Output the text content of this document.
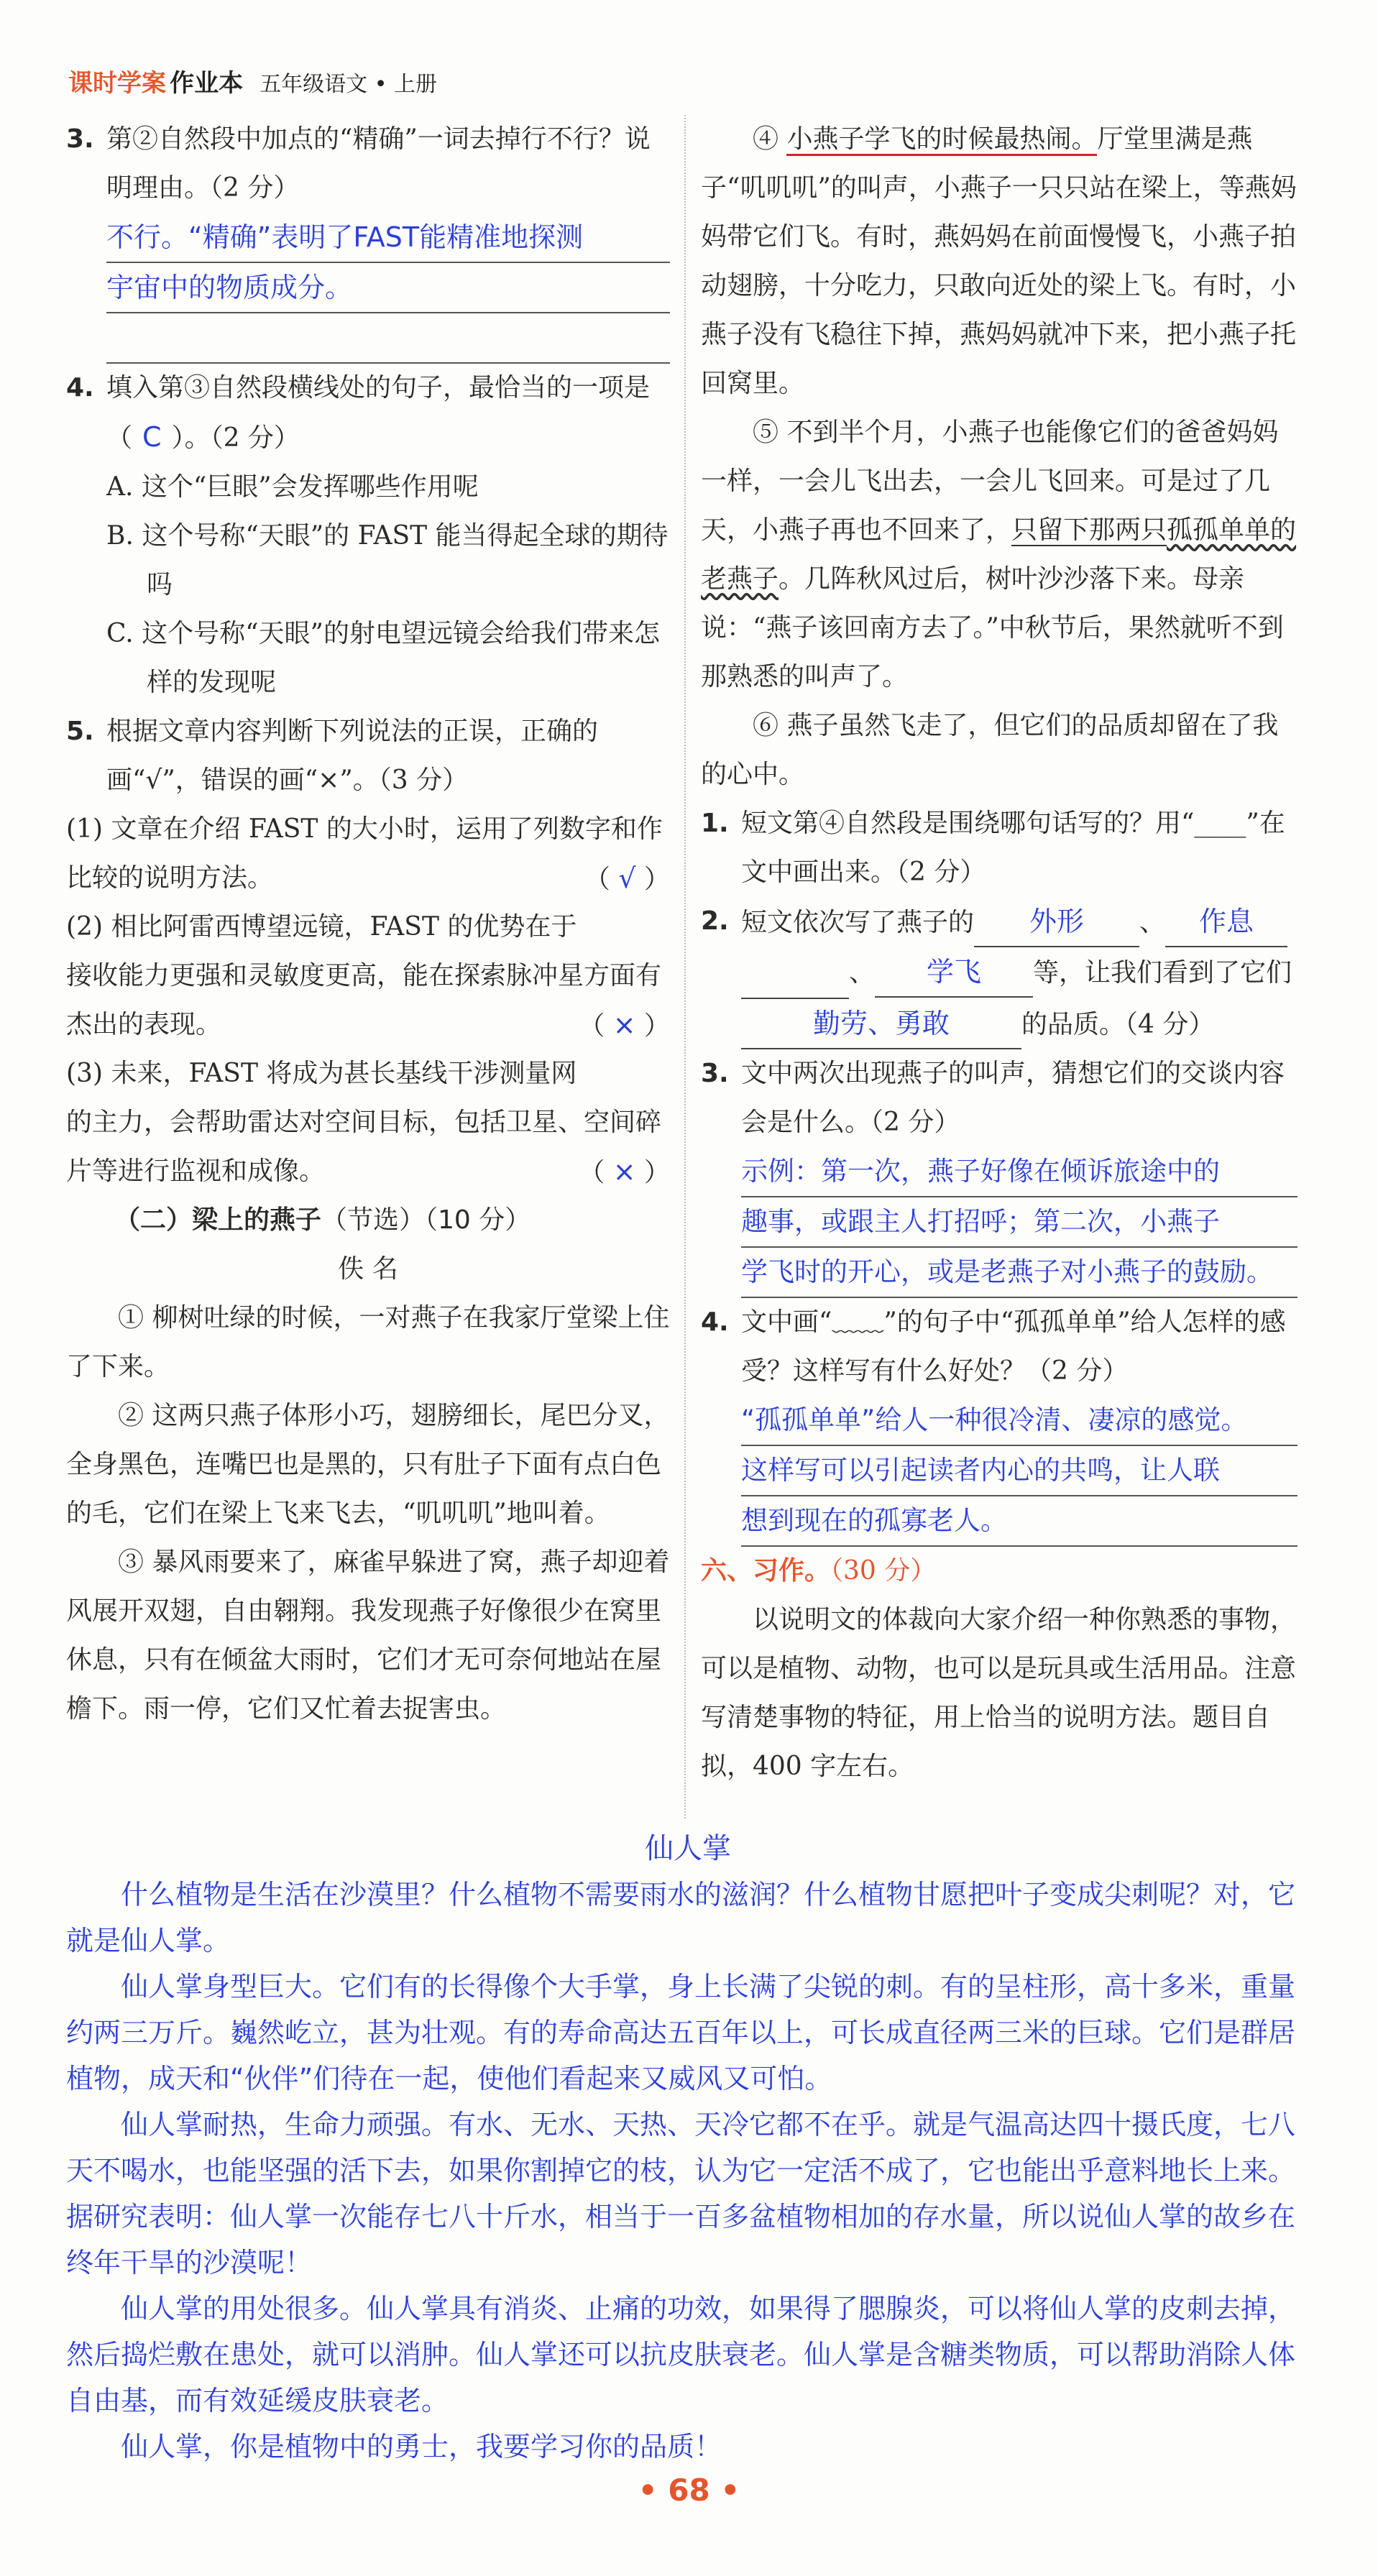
课时学案 作业本 五年级语文 • 上册
3. 第②自然段中加点的“精确”一词去掉行不行？说明理由。（2 分）
不行。“精确”表明了FAST能精准地探测
宇宙中的物质成分。
4. 填入第③自然段横线处的句子，最恰当的一项是（ C ）。（2 分）
A. 这个“巨眼”会发挥哪些作用呢
B. 这个号称“天眼”的 FAST 能当得起全球的期待吗
C. 这个号称“天眼”的射电望远镜会给我们带来怎样的发现呢
5. 根据文章内容判断下列说法的正误，正确的画“√”，错误的画“×”。（3 分）
(1) 文章在介绍 FAST 的大小时，运用了列数字和作比较的说明方法。	（ √ ）
(2) 相比阿雷西博望远镜，FAST 的优势在于接收能力更强和灵敏度更高，能在探索脉冲星方面有杰出的表现。	（ × ）
(3) 未来，FAST 将成为甚长基线干涉测量网的主力，会帮助雷达对空间目标，包括卫星、空间碎片等进行监视和成像。	（ × ）
（二）梁上的燕子（节选）（10 分）
佚 名
① 柳树吐绿的时候，一对燕子在我家厅堂梁上住了下来。
② 这两只燕子体形小巧，翅膀细长，尾巴分叉，全身黑色，连嘴巴也是黑的，只有肚子下面有点白色的毛，它们在梁上飞来飞去，“叽叽叽”地叫着。
③ 暴风雨要来了，麻雀早躲进了窝，燕子却迎着风展开双翅，自由翱翔。我发现燕子好像很少在窝里休息，只有在倾盆大雨时，它们才无可奈何地站在屋檐下。雨一停，它们又忙着去捉害虫。
④ 小燕子学飞的时候最热闹。厅堂里满是燕子“叽叽叽”的叫声，小燕子一只只站在梁上，等燕妈妈带它们飞。有时，燕妈妈在前面慢慢飞，小燕子拍动翅膀，十分吃力，只敢向近处的梁上飞。有时，小燕子没有飞稳往下掉，燕妈妈就冲下来，把小燕子托回窝里。
⑤ 不到半个月，小燕子也能像它们的爸爸妈妈一样，一会儿飞出去，一会儿飞回来。可是过了几天，小燕子再也不回来了，只留下那两只孤孤单单的老燕子。几阵秋风过后，树叶沙沙落下来。母亲说：“燕子该回南方去了。”中秋节后，果然就听不到那熟悉的叫声了。
⑥ 燕子虽然飞走了，但它们的品质却留在了我的心中。
1. 短文第④自然段是围绕哪句话写的？用“____”在文中画出来。（2 分）
2. 短文依次写了燕子的 外形 、 作息
、 学飞 等，让我们看到了它们
勤劳、勇敢	的品质。（4 分）
3. 文中两次出现燕子的叫声，猜想它们的交谈内容会是什么。（2 分）
示例：第一次，燕子好像在倾诉旅途中的
趣事，或跟主人打招呼；第二次，小燕子
学飞时的开心，或是老燕子对小燕子的鼓励。
4. 文中画“﹏﹏”的句子中“孤孤单单”给人怎样的感受？这样写有什么好处？（2 分）
“孤孤单单”给人一种很冷清、凄凉的感觉。
这样写可以引起读者内心的共鸣，让人联
想到现在的孤寡老人。
六、习作。（30 分）
以说明文的体裁向大家介绍一种你熟悉的事物，可以是植物、动物，也可以是玩具或生活用品。注意写清楚事物的特征，用上恰当的说明方法。题目自拟，400 字左右。
仙人掌

什么植物是生活在沙漠里？什么植物不需要雨水的滋润？什么植物甘愿把叶子变成尖刺呢？对，它就是仙人掌。

仙人掌身型巨大。它们有的长得像个大手掌，身上长满了尖锐的刺。有的呈柱形，高十多米，重量约两三万斤。巍然屹立，甚为壮观。有的寿命高达五百年以上，可长成直径两三米的巨球。它们是群居植物，成天和“伙伴”们待在一起，使他们看起来又威风又可怕。

仙人掌耐热，生命力顽强。有水、无水、天热、天冷它都不在乎。就是气温高达四十摄氏度，七八天不喝水，也能坚强的活下去，如果你割掉它的枝，认为它一定活不成了，它也能出乎意料地长上来。据研究表明：仙人掌一次能存七八十斤水，相当于一百多盆植物相加的存水量，所以说仙人掌的故乡在终年干旱的沙漠呢！

仙人掌的用处很多。仙人掌具有消炎、止痛的功效，如果得了腮腺炎，可以将仙人掌的皮刺去掉，然后捣烂敷在患处，就可以消肿。仙人掌还可以抗皮肤衰老。仙人掌是含糖类物质，可以帮助消除人体自由基，而有效延缓皮肤衰老。

仙人掌，你是植物中的勇士，我要学习你的品质！

• 68 •
